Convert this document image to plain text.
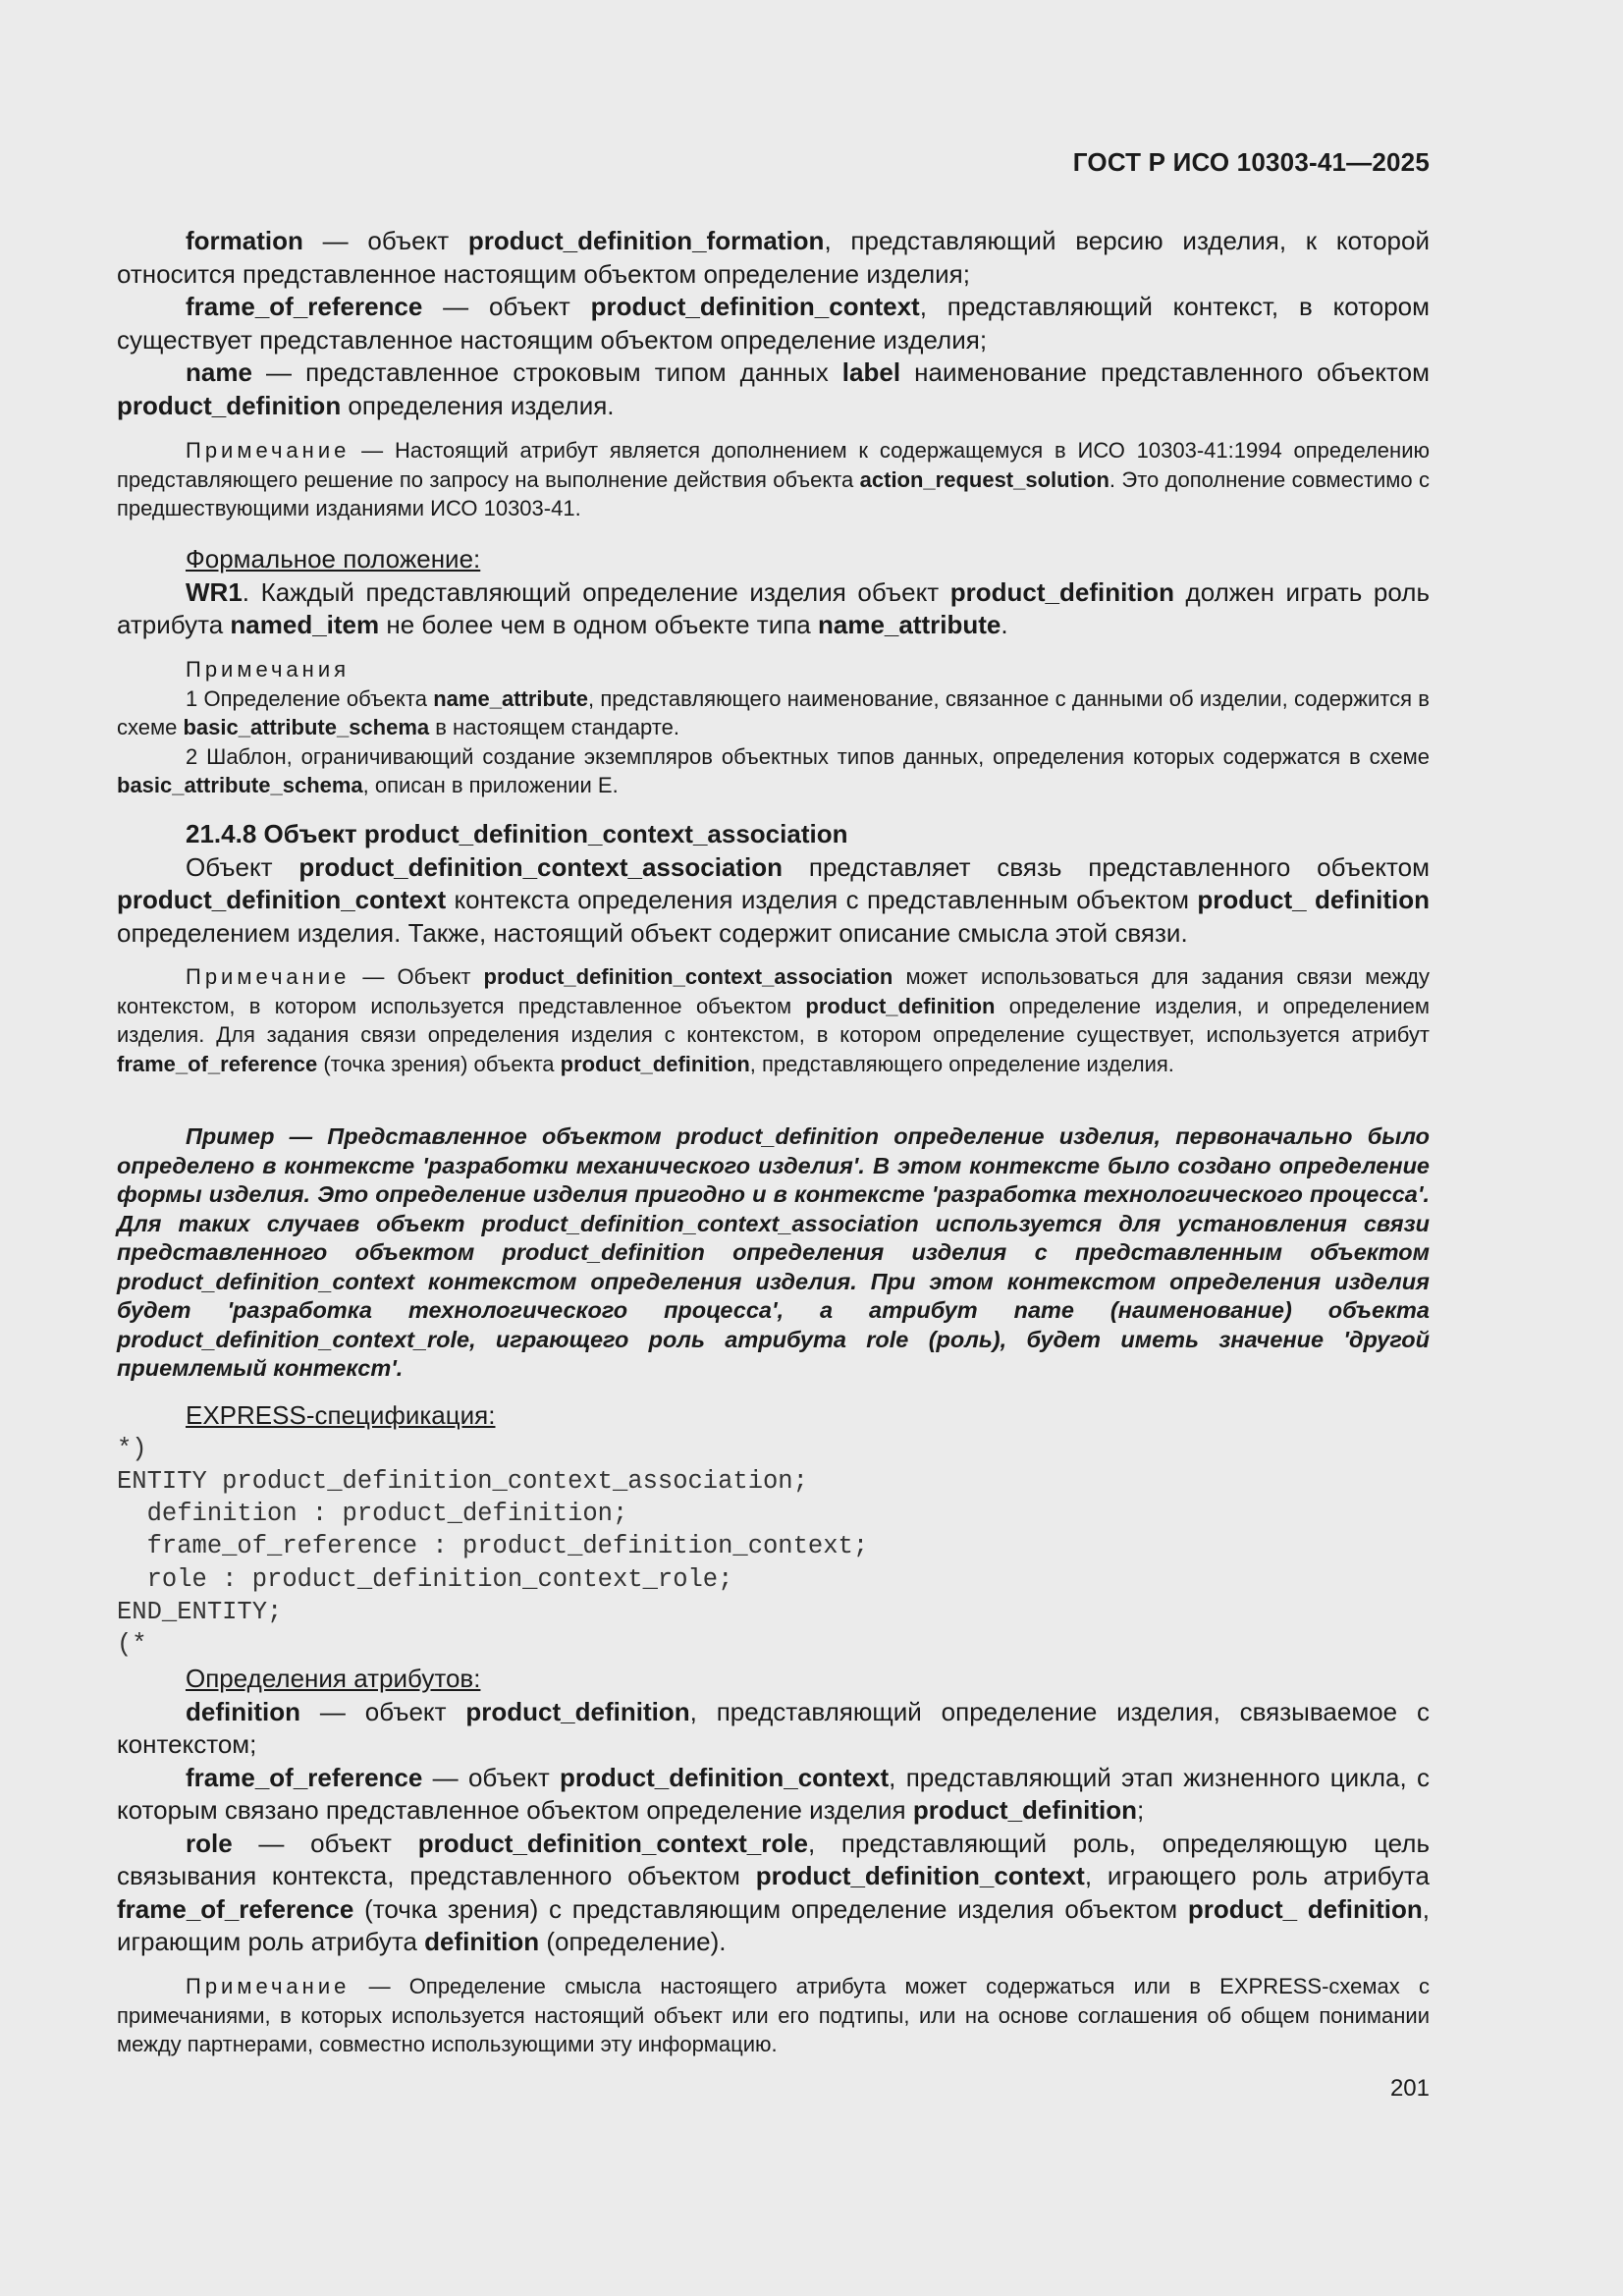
ГОСТ Р ИСО 10303-41—2025

formation — объект product_definition_formation, представляющий версию изделия, к которой относится представленное настоящим объектом определение изделия;

frame_of_reference — объект product_definition_context, представляющий контекст, в котором существует представленное настоящим объектом определение изделия;

name — представленное строковым типом данных label наименование представленного объектом product_definition определения изделия.

Примечание — Настоящий атрибут является дополнением к содержащемуся в ИСО 10303-41:1994 определению представляющего решение по запросу на выполнение действия объекта action_request_solution. Это дополнение совместимо с предшествующими изданиями ИСО 10303-41.

Формальное положение:

WR1. Каждый представляющий определение изделия объект product_definition должен играть роль атрибута named_item не более чем в одном объекте типа name_attribute.

Примечания

1 Определение объекта name_attribute, представляющего наименование, связанное с данными об изделии, содержится в схеме basic_attribute_schema в настоящем стандарте.

2 Шаблон, ограничивающий создание экземпляров объектных типов данных, определения которых содержатся в схеме basic_attribute_schema, описан в приложении Е.

21.4.8 Объект product_definition_context_association

Объект product_definition_context_association представляет связь представленного объектом product_definition_context контекста определения изделия с представленным объектом product_ definition определением изделия. Также, настоящий объект содержит описание смысла этой связи.

Примечание — Объект product_definition_context_association может использоваться для задания связи между контекстом, в котором используется представленное объектом product_definition определение изделия, и определением изделия. Для задания связи определения изделия с контекстом, в котором определение существует, используется атрибут frame_of_reference (точка зрения) объекта product_definition, представляющего определение изделия.

Пример — Представленное объектом product_definition определение изделия, первоначально было определено в контексте 'разработки механического изделия'. В этом контексте было создано определение формы изделия. Это определение изделия пригодно и в контексте 'разработка технологического процесса'. Для таких случаев объект product_definition_context_association используется для установления связи представленного объектом product_definition определения изделия с представленным объектом product_definition_context контекстом определения изделия. При этом контекстом определения изделия будет 'разработка технологического процесса', а атрибут name (наименование) объекта product_definition_context_role, играющего роль атрибута role (роль), будет иметь значение 'другой приемлемый контекст'.

EXPRESS-спецификация:

*)
ENTITY product_definition_context_association;
definition : product_definition;
frame_of_reference : product_definition_context;
role : product_definition_context_role;
END_ENTITY;
(*

Определения атрибутов:

definition — объект product_definition, представляющий определение изделия, связываемое с контекстом;

frame_of_reference — объект product_definition_context, представляющий этап жизненного цикла, с которым связано представленное объектом определение изделия product_definition;

role — объект product_definition_context_role, представляющий роль, определяющую цель связывания контекста, представленного объектом product_definition_context, играющего роль атрибута frame_of_reference (точка зрения) с представляющим определение изделия объектом product_ definition, играющим роль атрибута definition (определение).

Примечание — Определение смысла настоящего атрибута может содержаться или в EXPRESS-схемах с примечаниями, в которых используется настоящий объект или его подтипы, или на основе соглашения об общем понимании между партнерами, совместно использующими эту информацию.

201
